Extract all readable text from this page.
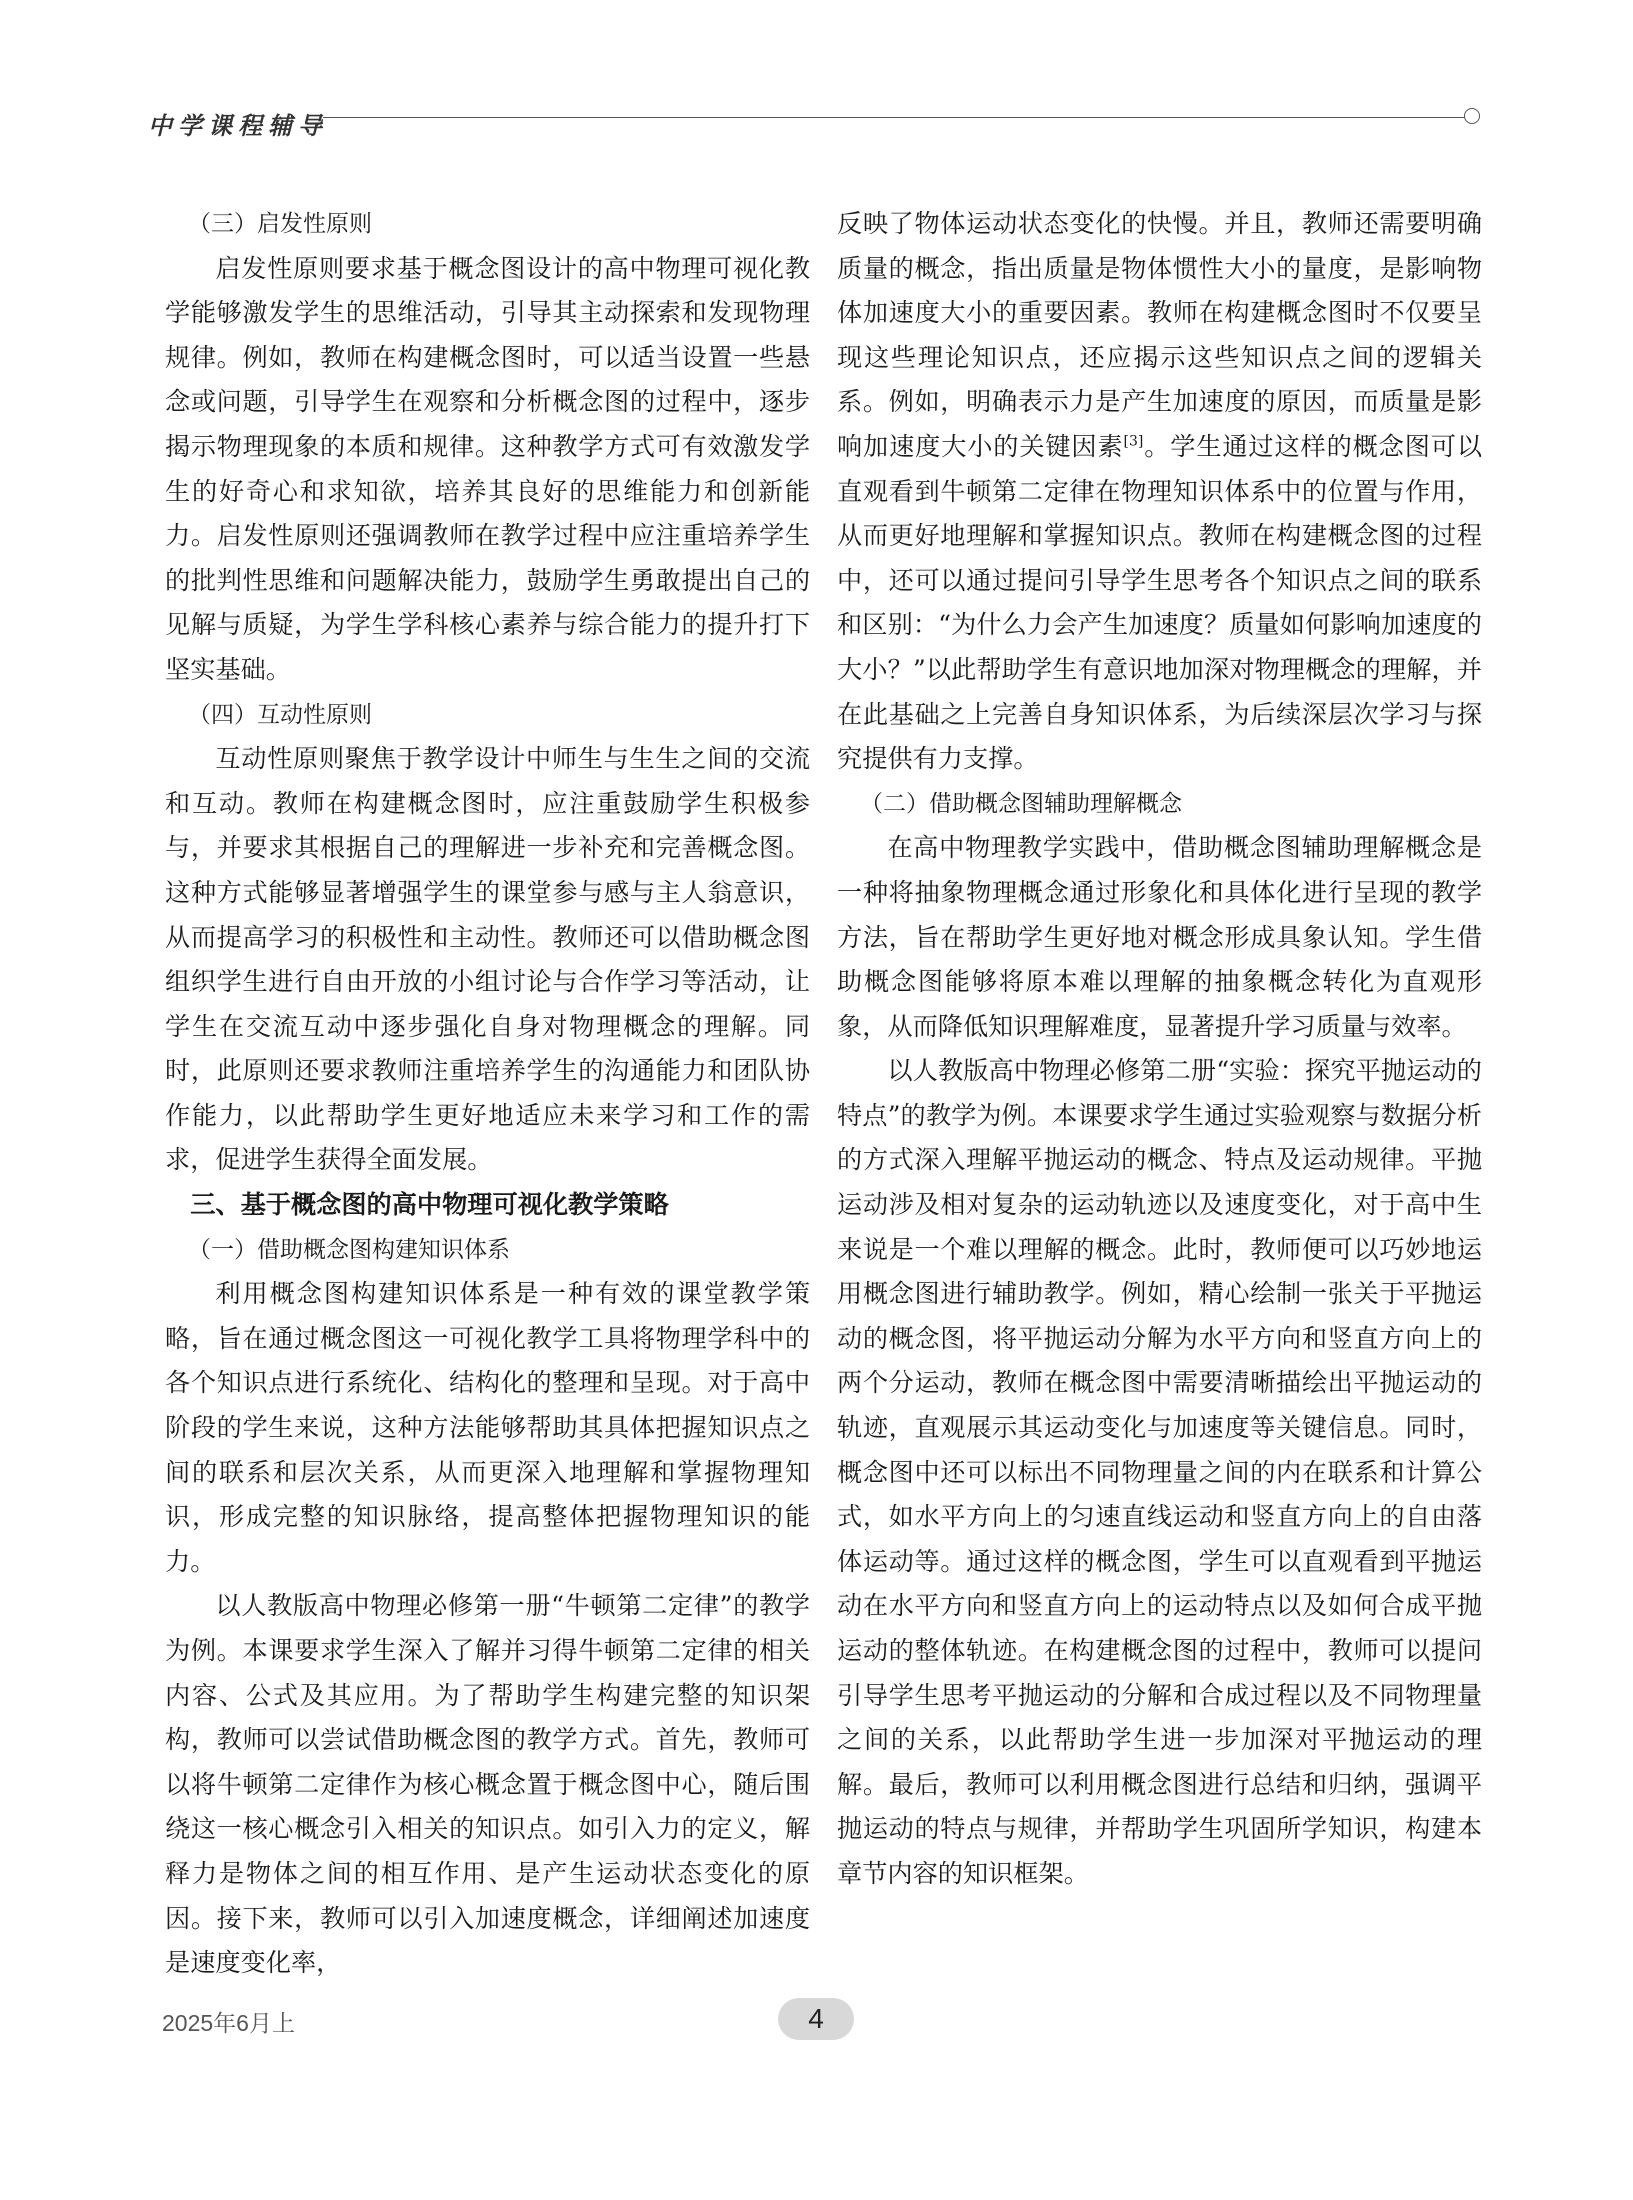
中学课程辅导

（三）启发性原则

启发性原则要求基于概念图设计的高中物理可视化教学能够激发学生的思维活动，引导其主动探索和发现物理规律。例如，教师在构建概念图时，可以适当设置一些悬念或问题，引导学生在观察和分析概念图的过程中，逐步揭示物理现象的本质和规律。这种教学方式可有效激发学生的好奇心和求知欲，培养其良好的思维能力和创新能力。启发性原则还强调教师在教学过程中应注重培养学生的批判性思维和问题解决能力，鼓励学生勇敢提出自己的见解与质疑，为学生学科核心素养与综合能力的提升打下坚实基础。

（四）互动性原则

互动性原则聚焦于教学设计中师生与生生之间的交流和互动。教师在构建概念图时，应注重鼓励学生积极参与，并要求其根据自己的理解进一步补充和完善概念图。这种方式能够显著增强学生的课堂参与感与主人翁意识，从而提高学习的积极性和主动性。教师还可以借助概念图组织学生进行自由开放的小组讨论与合作学习等活动，让学生在交流互动中逐步强化自身对物理概念的理解。同时，此原则还要求教师注重培养学生的沟通能力和团队协作能力，以此帮助学生更好地适应未来学习和工作的需求，促进学生获得全面发展。

三、基于概念图的高中物理可视化教学策略

（一）借助概念图构建知识体系

利用概念图构建知识体系是一种有效的课堂教学策略，旨在通过概念图这一可视化教学工具将物理学科中的各个知识点进行系统化、结构化的整理和呈现。对于高中阶段的学生来说，这种方法能够帮助其具体把握知识点之间的联系和层次关系，从而更深入地理解和掌握物理知识，形成完整的知识脉络，提高整体把握物理知识的能力。

以人教版高中物理必修第一册“牛顿第二定律”的教学为例。本课要求学生深入了解并习得牛顿第二定律的相关内容、公式及其应用。为了帮助学生构建完整的知识架构，教师可以尝试借助概念图的教学方式。首先，教师可以将牛顿第二定律作为核心概念置于概念图中心，随后围绕这一核心概念引入相关的知识点。如引入力的定义，解释力是物体之间的相互作用、是产生运动状态变化的原因。接下来，教师可以引入加速度概念，详细阐述加速度是速度变化率，

反映了物体运动状态变化的快慢。并且，教师还需要明确质量的概念，指出质量是物体惯性大小的量度，是影响物体加速度大小的重要因素。教师在构建概念图时不仅要呈现这些理论知识点，还应揭示这些知识点之间的逻辑关系。例如，明确表示力是产生加速度的原因，而质量是影响加速度大小的关键因素[3]。学生通过这样的概念图可以直观看到牛顿第二定律在物理知识体系中的位置与作用，从而更好地理解和掌握知识点。教师在构建概念图的过程中，还可以通过提问引导学生思考各个知识点之间的联系和区别：“为什么力会产生加速度？质量如何影响加速度的大小？”以此帮助学生有意识地加深对物理概念的理解，并在此基础之上完善自身知识体系，为后续深层次学习与探究提供有力支撑。

（二）借助概念图辅助理解概念

在高中物理教学实践中，借助概念图辅助理解概念是一种将抽象物理概念通过形象化和具体化进行呈现的教学方法，旨在帮助学生更好地对概念形成具象认知。学生借助概念图能够将原本难以理解的抽象概念转化为直观形象，从而降低知识理解难度，显著提升学习质量与效率。

以人教版高中物理必修第二册“实验：探究平抛运动的特点”的教学为例。本课要求学生通过实验观察与数据分析的方式深入理解平抛运动的概念、特点及运动规律。平抛运动涉及相对复杂的运动轨迹以及速度变化，对于高中生来说是一个难以理解的概念。此时，教师便可以巧妙地运用概念图进行辅助教学。例如，精心绘制一张关于平抛运动的概念图，将平抛运动分解为水平方向和竖直方向上的两个分运动，教师在概念图中需要清晰描绘出平抛运动的轨迹，直观展示其运动变化与加速度等关键信息。同时，概念图中还可以标出不同物理量之间的内在联系和计算公式，如水平方向上的匀速直线运动和竖直方向上的自由落体运动等。通过这样的概念图，学生可以直观看到平抛运动在水平方向和竖直方向上的运动特点以及如何合成平抛运动的整体轨迹。在构建概念图的过程中，教师可以提问引导学生思考平抛运动的分解和合成过程以及不同物理量之间的关系，以此帮助学生进一步加深对平抛运动的理解。最后，教师可以利用概念图进行总结和归纳，强调平抛运动的特点与规律，并帮助学生巩固所学知识，构建本章节内容的知识框架。

2025年6月上	4
